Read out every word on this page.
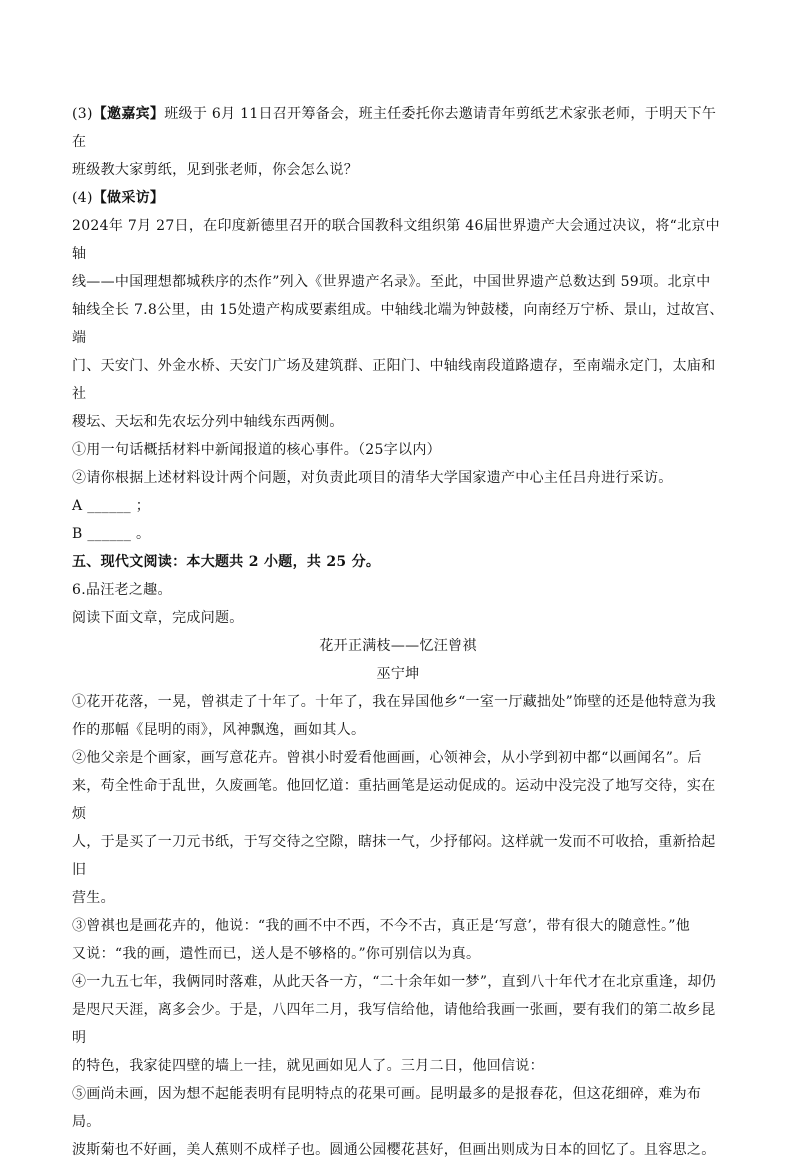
(3)【邀嘉宾】班级于 6月 11日召开筹备会，班主任委托你去邀请青年剪纸艺术家张老师，于明天下午在

班级教大家剪纸，见到张老师，你会怎么说？

(4)【做采访】

2024年 7月 27日，在印度新德里召开的联合国教科文组织第 46届世界遗产大会通过决议，将“北京中轴

线——中国理想都城秩序的杰作”列入《世界遗产名录》。至此，中国世界遗产总数达到 59项。北京中

轴线全长 7.8公里，由 15处遗产构成要素组成。中轴线北端为钟鼓楼，向南经万宁桥、景山，过故宫、端

门、天安门、外金水桥、天安门广场及建筑群、正阳门、中轴线南段道路遗存，至南端永定门，太庙和社

稷坛、天坛和先农坛分列中轴线东西两侧。

①用一句话概括材料中新闻报道的核心事件。（25字以内）

②请你根据上述材料设计两个问题，对负责此项目的清华大学国家遗产中心主任吕舟进行采访。

A ______ ；

B ______ 。

五、现代文阅读：本大题共 2 小题，共 25 分。

6.品汪老之趣。

阅读下面文章，完成问题。

花开正满枝——忆汪曾祺

巫宁坤

①花开花落，一晃，曾祺走了十年了。十年了，我在异国他乡“一室一厅藏拙处”饰壁的还是他特意为我

作的那幅《昆明的雨》，风神飘逸，画如其人。

②他父亲是个画家，画写意花卉。曾祺小时爱看他画画，心领神会，从小学到初中都“以画闻名”。后

来，苟全性命于乱世，久废画笔。他回忆道：重拈画笔是运动促成的。运动中没完没了地写交待，实在烦

人，于是买了一刀元书纸，于写交待之空隙，瞎抹一气，少抒郁闷。这样就一发而不可收拾，重新拾起旧

营生。

③曾祺也是画花卉的，他说：“我的画不中不西，不今不古，真正是‘写意’，带有很大的随意性。”他

又说：“我的画，遣性而已，送人是不够格的。”你可别信以为真。

④一九五七年，我俩同时落难，从此天各一方，“二十余年如一梦”，直到八十年代才在北京重逢，却仍

是咫尺天涯，离多会少。于是，八四年二月，我写信给他，请他给我画一张画，要有我们的第二故乡昆明

的特色，我家徒四壁的墙上一挂，就见画如见人了。三月二日，他回信说：

⑤画尚未画，因为想不起能表明有昆明特点的花果可画。昆明最多的是报春花，但这花细碎，难为布局。

波斯菊也不好画，美人蕉则不成样子也。圆通公园樱花甚好，但画出则成为日本的回忆了。且容思之。
